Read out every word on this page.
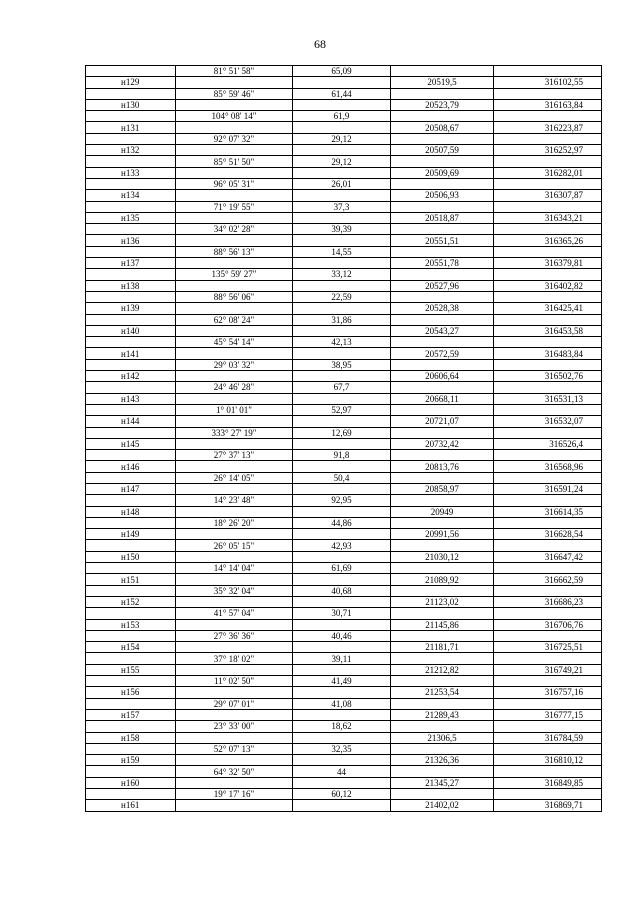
68
	81° 51' 58"	65,09		
н129			20519,5	316102,55
	85° 59' 46"	61,44		
н130			20523,79	316163,84
	104° 08' 14"	61,9		
н131			20508,67	316223,87
	92° 07' 32"	29,12		
н132			20507,59	316252,97
	85° 51' 50"	29,12		
н133			20509,69	316282,01
	96° 05' 31"	26,01		
н134			20506,93	316307,87
	71° 19' 55"	37,3		
н135			20518,87	316343,21
	34° 02' 28"	39,39		
н136			20551,51	316365,26
	88° 56' 13"	14,55		
н137			20551,78	316379,81
	135° 59' 27"	33,12		
н138			20527,96	316402,82
	88° 56' 06"	22,59		
н139			20528,38	316425,41
	62° 08' 24"	31,86		
н140			20543,27	316453,58
	45° 54' 14"	42,13		
н141			20572,59	316483,84
	29° 03' 32"	38,95		
н142			20606,64	316502,76
	24° 46' 28"	67,7		
н143			20668,11	316531,13
	1° 01' 01"	52,97		
н144			20721,07	316532,07
	333° 27' 19"	12,69		
н145			20732,42	316526,4
	27° 37' 13"	91,8		
н146			20813,76	316568,96
	26° 14' 05"	50,4		
н147			20858,97	316591,24
	14° 23' 48"	92,95		
н148			20949	316614,35
	18° 26' 20"	44,86		
н149			20991,56	316628,54
	26° 05' 15"	42,93		
н150			21030,12	316647,42
	14° 14' 04"	61,69		
н151			21089,92	316662,59
	35° 32' 04"	40,68		
н152			21123,02	316686,23
	41° 57' 04"	30,71		
н153			21145,86	316706,76
	27° 36' 36"	40,46		
н154			21181,71	316725,51
	37° 18' 02"	39,11		
н155			21212,82	316749,21
	11° 02' 50"	41,49		
н156			21253,54	316757,16
	29° 07' 01"	41,08		
н157			21289,43	316777,15
	23° 33' 00"	18,62		
н158			21306,5	316784,59
	52° 07' 13"	32,35		
н159			21326,36	316810,12
	64° 32' 50"	44		
н160			21345,27	316849,85
	19° 17' 16"	60,12		
н161			21402,02	316869,71
